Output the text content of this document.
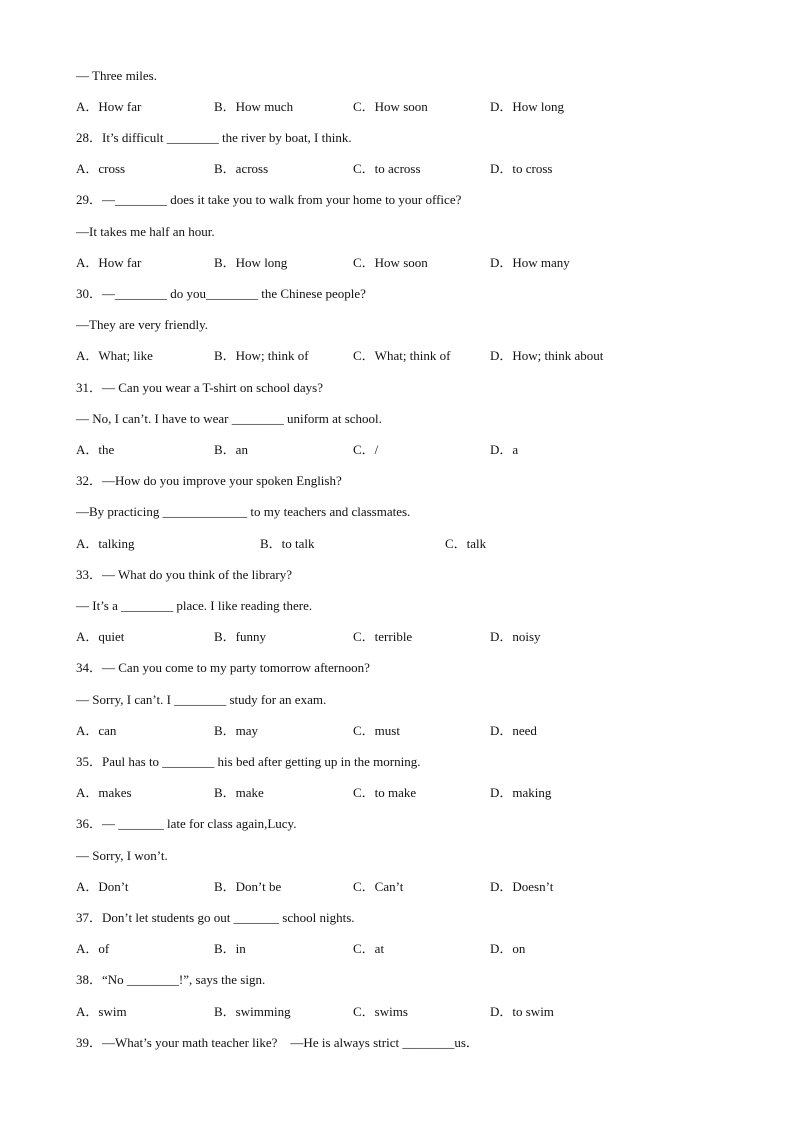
— Three miles.
A．How far	B．How much	C．How soon	D．How long
28．It’s difficult ________ the river by boat, I think.
A．cross	B．across	C．to across	D．to cross
29．—________ does it take you to walk from your home to your office?
—It takes me half an hour.
A．How far	B．How long	C．How soon	D．How many
30．—________ do you________ the Chinese people?
—They are very friendly.
A．What; like	B．How; think of	C．What; think of	D．How; think about
31．— Can you wear a T-shirt on school days?
— No, I can’t. I have to wear ________ uniform at school.
A．the	B．an	C．/	D．a
32．—How do you improve your spoken English?
—By practicing _____________ to my teachers and classmates.
A．talking	B．to talk	C．talk
33．— What do you think of the library?
— It’s a ________ place. I like reading there.
A．quiet	B．funny	C．terrible	D．noisy
34．— Can you come to my party tomorrow afternoon?
— Sorry, I can’t. I ________ study for an exam.
A．can	B．may	C．must	D．need
35．Paul has to ________ his bed after getting up in the morning.
A．makes	B．make	C．to make	D．making
36．— _______ late for class again,Lucy.
— Sorry, I won’t.
A．Don’t	B．Don’t be	C．Can’t	D．Doesn’t
37．Don’t let students go out _______ school nights.
A．of	B．in	C．at	D．on
38．“No ________!”, says the sign.
A．swim	B．swimming	C．swims	D．to swim
39．—What’s your math teacher like?　—He is always strict ________us．
